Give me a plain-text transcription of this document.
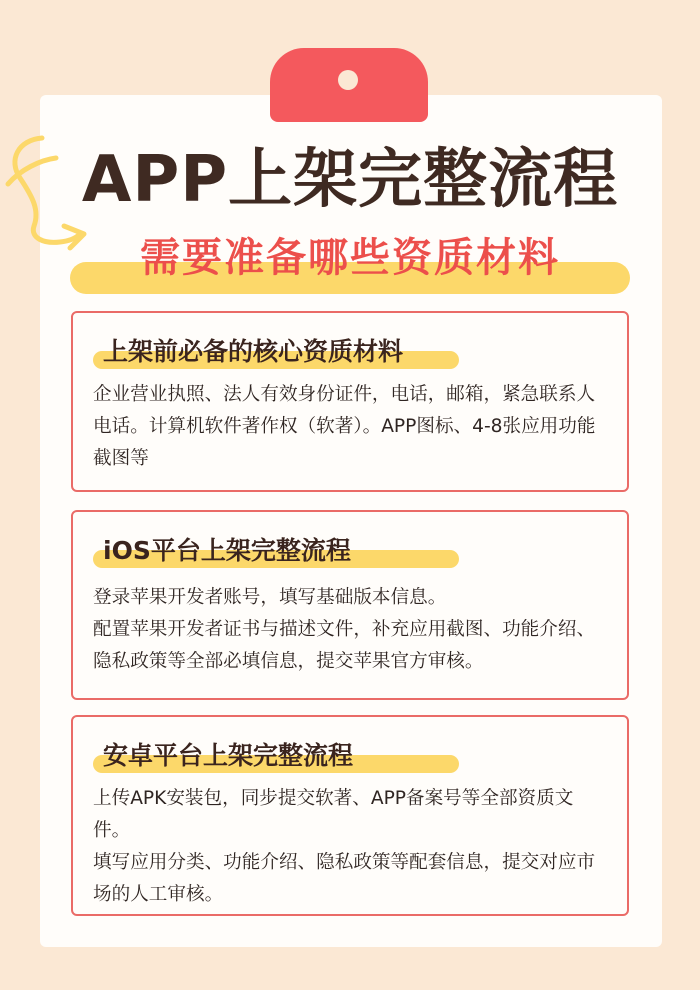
APP上架完整流程
需要准备哪些资质材料
上架前必备的核心资质材料

企业营业执照、法人有效身份证件，电话，邮箱，紧急联系人电话。计算机软件著作权（软著）。APP图标、4-8张应用功能截图等

iOS平台上架完整流程

登录苹果开发者账号，填写基础版本信息。

配置苹果开发者证书与描述文件，补充应用截图、功能介绍、隐私政策等全部必填信息，提交苹果官方审核。

安卓平台上架完整流程

上传APK安装包，同步提交软著、APP备案号等全部资质文件。

填写应用分类、功能介绍、隐私政策等配套信息，提交对应市场的人工审核。
